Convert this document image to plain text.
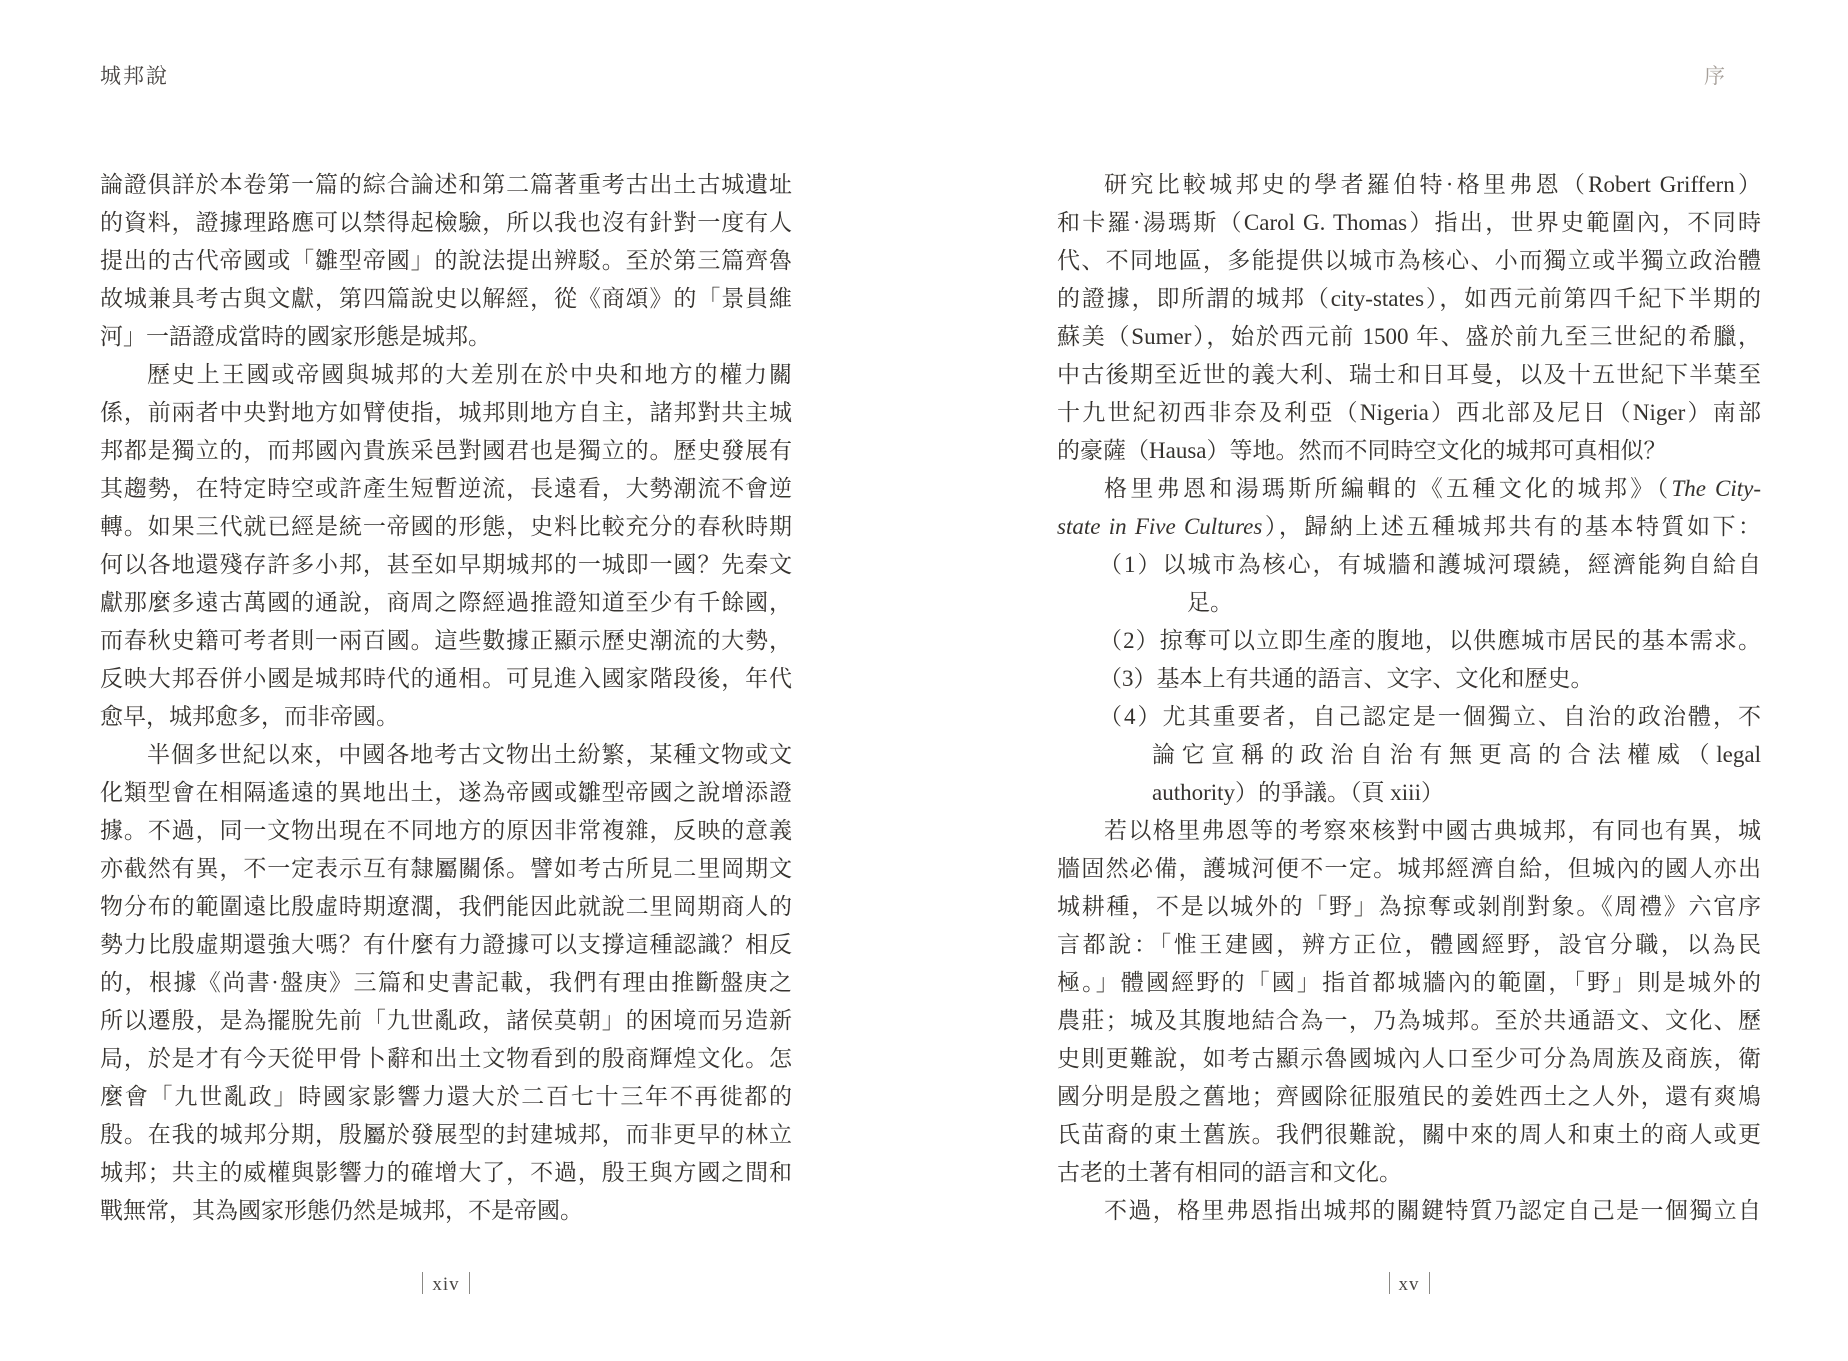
城邦說
論證俱詳於本卷第一篇的綜合論述和第二篇著重考古出土古城遺址
的資料，證據理路應可以禁得起檢驗，所以我也沒有針對一度有人
提出的古代帝國或「雛型帝國」的說法提出辨駁。至於第三篇齊魯
故城兼具考古與文獻，第四篇說史以解經，從《商頌》的「景員維
河」一語證成當時的國家形態是城邦。
歷史上王國或帝國與城邦的大差別在於中央和地方的權力關
係，前兩者中央對地方如臂使指，城邦則地方自主，諸邦對共主城
邦都是獨立的，而邦國內貴族采邑對國君也是獨立的。歷史發展有
其趨勢，在特定時空或許產生短暫逆流，長遠看，大勢潮流不會逆
轉。如果三代就已經是統一帝國的形態，史料比較充分的春秋時期
何以各地還殘存許多小邦，甚至如早期城邦的一城即一國？先秦文
獻那麼多遠古萬國的通說，商周之際經過推證知道至少有千餘國，
而春秋史籍可考者則一兩百國。這些數據正顯示歷史潮流的大勢，
反映大邦吞併小國是城邦時代的通相。可見進入國家階段後，年代
愈早，城邦愈多，而非帝國。
半個多世紀以來，中國各地考古文物出土紛繁，某種文物或文
化類型會在相隔遙遠的異地出土，遂為帝國或雛型帝國之說增添證
據。不過，同一文物出現在不同地方的原因非常複雜，反映的意義
亦截然有異，不一定表示互有隸屬關係。譬如考古所見二里岡期文
物分布的範圍遠比殷虛時期遼濶，我們能因此就說二里岡期商人的
勢力比殷虛期還強大嗎？有什麼有力證據可以支撐這種認識？相反
的，根據《尚書·盤庚》三篇和史書記載，我們有理由推斷盤庚之
所以遷殷，是為擺脫先前「九世亂政，諸侯莫朝」的困境而另造新
局，於是才有今天從甲骨卜辭和出土文物看到的殷商輝煌文化。怎
麼會「九世亂政」時國家影響力還大於二百七十三年不再徙都的
殷。在我的城邦分期，殷屬於發展型的封建城邦，而非更早的林立
城邦；共主的威權與影響力的確增大了，不過，殷王與方國之間和
戰無常，其為國家形態仍然是城邦，不是帝國。
xiv
序
研究比較城邦史的學者羅伯特·格里弗恩（Robert Griffern）
和卡羅·湯瑪斯（Carol G. Thomas）指出，世界史範圍內，不同時
代、不同地區，多能提供以城市為核心、小而獨立或半獨立政治體
的證據，即所謂的城邦（city-states），如西元前第四千紀下半期的
蘇美（Sumer），始於西元前 1500 年、盛於前九至三世紀的希臘，
中古後期至近世的義大利、瑞士和日耳曼，以及十五世紀下半葉至
十九世紀初西非奈及利亞（Nigeria）西北部及尼日（Niger）南部
的豪薩（Hausa）等地。然而不同時空文化的城邦可真相似？
格里弗恩和湯瑪斯所編輯的《五種文化的城邦》（The City-
state in Five Cultures），歸納上述五種城邦共有的基本特質如下：
（1）以城市為核心，有城牆和護城河環繞，經濟能夠自給自
足。
（2）掠奪可以立即生產的腹地，以供應城市居民的基本需求。
（3）基本上有共通的語言、文字、文化和歷史。
（4）尤其重要者，自己認定是一個獨立、自治的政治體，不
論它宣稱的政治自治有無更高的合法權威（legal
authority）的爭議。（頁 xiii）
若以格里弗恩等的考察來核對中國古典城邦，有同也有異，城
牆固然必備，護城河便不一定。城邦經濟自給，但城內的國人亦出
城耕種，不是以城外的「野」為掠奪或剝削對象。《周禮》六官序
言都說：「惟王建國，辨方正位，體國經野，設官分職，以為民
極。」體國經野的「國」指首都城牆內的範圍，「野」則是城外的
農莊；城及其腹地結合為一，乃為城邦。至於共通語文、文化、歷
史則更難說，如考古顯示魯國城內人口至少可分為周族及商族，衛
國分明是殷之舊地；齊國除征服殖民的姜姓西土之人外，還有爽鳩
氏苗裔的東土舊族。我們很難說，關中來的周人和東土的商人或更
古老的土著有相同的語言和文化。
不過，格里弗恩指出城邦的關鍵特質乃認定自己是一個獨立自
xv
